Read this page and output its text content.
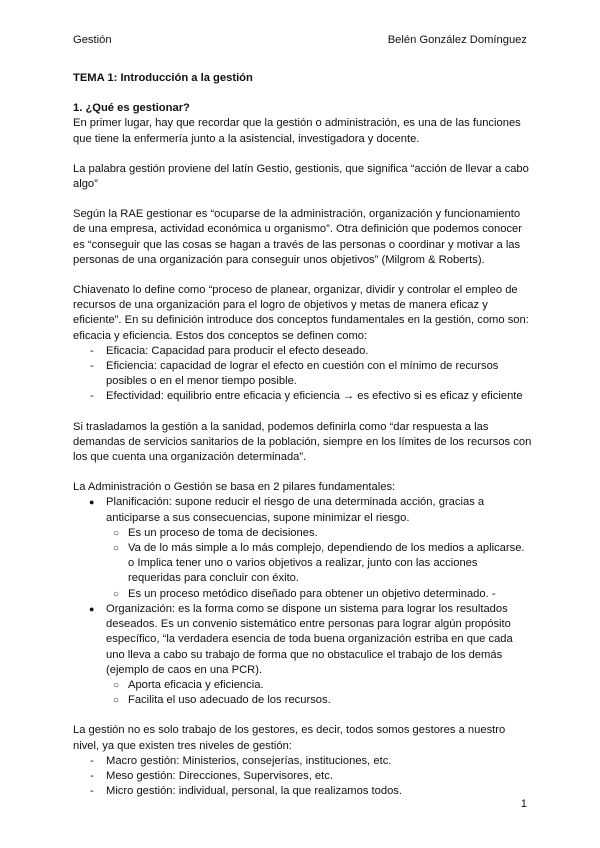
Gestión	Belén González Domínguez

TEMA 1: Introducción a la gestión

1. ¿Qué es gestionar?

En primer lugar, hay que recordar que la gestión o administración, es una de las funciones que tiene la enfermería junto a la asistencial, investigadora y docente.

La palabra gestión proviene del latín Gestio, gestionis, que significa “acción de llevar a cabo algo”

Según la RAE gestionar es “ocuparse de la administración, organización y funcionamiento de una empresa, actividad económica u organismo”. Otra definición que podemos conocer es “conseguir que las cosas se hagan a través de las personas o coordinar y motivar a las personas de una organización para conseguir unos objetivos” (Milgrom & Roberts).

Chiavenato lo define como “proceso de planear, organizar, dividir y controlar el empleo de recursos de una organización para el logro de objetivos y metas de manera eficaz y eficiente”. En su definición introduce dos conceptos fundamentales en la gestión, como son: eficacia y eficiencia. Estos dos conceptos se definen como:

- Eficacia: Capacidad para producir el efecto deseado.
- Eficiencia: capacidad de lograr el efecto en cuestión con el mínimo de recursos posibles o en el menor tiempo posible.
- Efectividad: equilibrio entre eficacia y eficiencia → es efectivo si es eficaz y eficiente

Si trasladamos la gestión a la sanidad, podemos definirla como “dar respuesta a las demandas de servicios sanitarios de la población, siempre en los límites de los recursos con los que cuenta una organización determinada”.

La Administración o Gestión se basa en 2 pilares fundamentales:

● Planificación: supone reducir el riesgo de una determinada acción, gracias a anticiparse a sus consecuencias, supone minimizar el riesgo.
○ Es un proceso de toma de decisiones.
○ Va de lo más simple a lo más complejo, dependiendo de los medios a aplicarse. o Implica tener uno o varios objetivos a realizar, junto con las acciones requeridas para concluir con éxito.
○ Es un proceso metódico diseñado para obtener un objetivo determinado. -
● Organización: es la forma como se dispone un sistema para lograr los resultados deseados. Es un convenio sistemático entre personas para lograr algún propósito específico, “la verdadera esencia de toda buena organización estriba en que cada uno lleva a cabo su trabajo de forma que no obstaculice el trabajo de los demás (ejemplo de caos en una PCR).
○ Aporta eficacia y eficiencia.
○ Facilita el uso adecuado de los recursos.

La gestión no es solo trabajo de los gestores, es decir, todos somos gestores a nuestro nivel, ya que existen tres niveles de gestión:

- Macro gestión: Ministerios, consejerías, instituciones, etc.
- Meso gestión: Direcciones, Supervisores, etc.
- Micro gestión: individual, personal, la que realizamos todos.
1
